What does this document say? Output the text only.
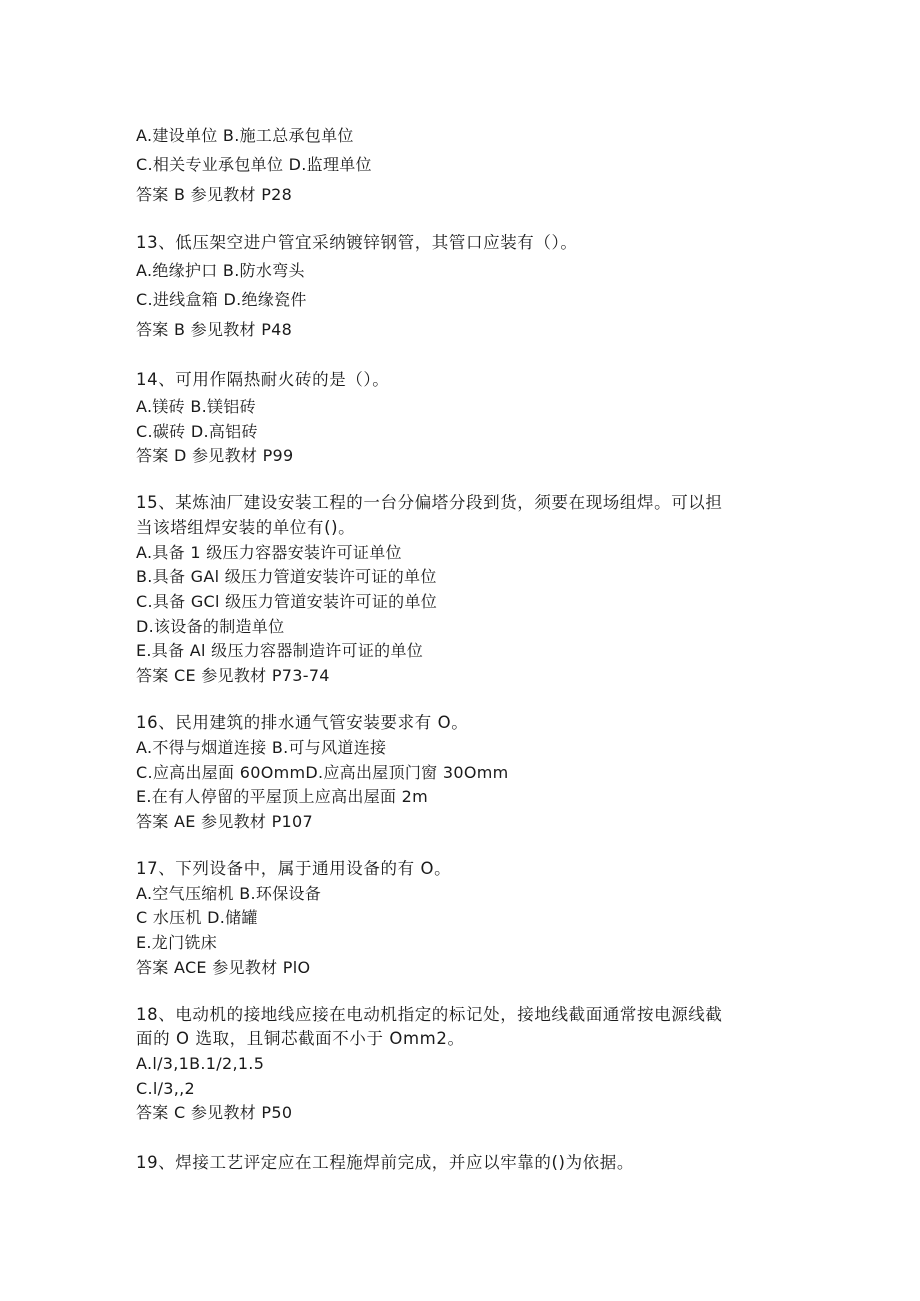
A.建设单位 B.施工总承包单位
C.相关专业承包单位 D.监理单位
答案 B 参见教材 P28
13、低压架空进户管宜采纳镀锌钢管，其管口应装有（）。
A.绝缘护口 B.防水弯头
C.进线盒箱 D.绝缘瓷件
答案 B 参见教材 P48
14、可用作隔热耐火砖的是（）。
A.镁砖 B.镁铝砖
C.碳砖 D.高铝砖
答案 D 参见教材 P99
15、某炼油厂建设安装工程的一台分偏塔分段到货，须要在现场组焊。可以担
当该塔组焊安装的单位有()。
A.具备 1 级压力容器安装许可证单位
B.具备 GAl 级压力管道安装许可证的单位
C.具备 GCl 级压力管道安装许可证的单位
D.该设备的制造单位
E.具备 Al 级压力容器制造许可证的单位
答案 CE 参见教材 P73-74
16、民用建筑的排水通气管安装要求有 O。
A.不得与烟道连接 B.可与风道连接
C.应高出屋面 60OmmD.应高出屋顶门窗 30Omm
E.在有人停留的平屋顶上应高出屋面 2m
答案 AE 参见教材 P107
17、下列设备中，属于通用设备的有 O。
A.空气压缩机 B.环保设备
C 水压机 D.储罐
E.龙门铣床
答案 ACE 参见教材 PlO
18、电动机的接地线应接在电动机指定的标记处，接地线截面通常按电源线截
面的 O 选取，且铜芯截面不小于 Omm2。
A.l∕3,1B.1/2,1.5
C.l∕3,,2
答案 C 参见教材 P50
19、焊接工艺评定应在工程施焊前完成，并应以牢靠的()为依据。
